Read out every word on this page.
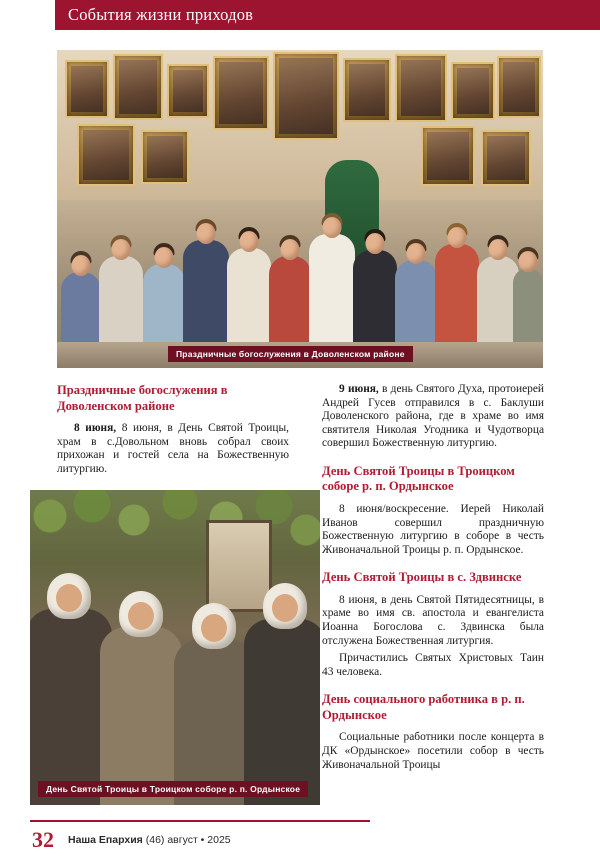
События жизни приходов
Праздничные богослужения в Доволенском районе
Праздничные богослужения в Доволенском районе

8 июня, 8 июня, в День Святой Троицы, храм в с.Довольном вновь собрал своих прихожан и гостей села на Божественную литургию.

9 июня, в день Святого Духа, протоиерей Андрей Гусев отправился в с. Баклуши Доволенского района, где в храме во имя святителя Николая Угодника и Чудотворца совершил Божественную литургию.

День Святой Троицы в Троицком соборе р. п. Ордынское

8 июня/воскресение. Иерей Николай Иванов совершил праздничную Божественную литургию в соборе в честь Живоначальной Троицы р. п. Ордынское.

День Святой Троицы в с. Здвинске

8 июня, в день Святой Пятидесятницы, в храме во имя св. апостола и евангелиста Иоанна Богослова с. Здвинска была отслужена Божественная литургия.

Причастились Святых Христовых Таин 43 человека.

День социального работника в р. п. Ордынское

Социальные работники после концерта в ДК «Ордынское» посетили собор в честь Живоначальной Троицы

День Святой Троицы в Троицком соборе р. п. Ордынское
32 Наша Епархия (46) август • 2025
